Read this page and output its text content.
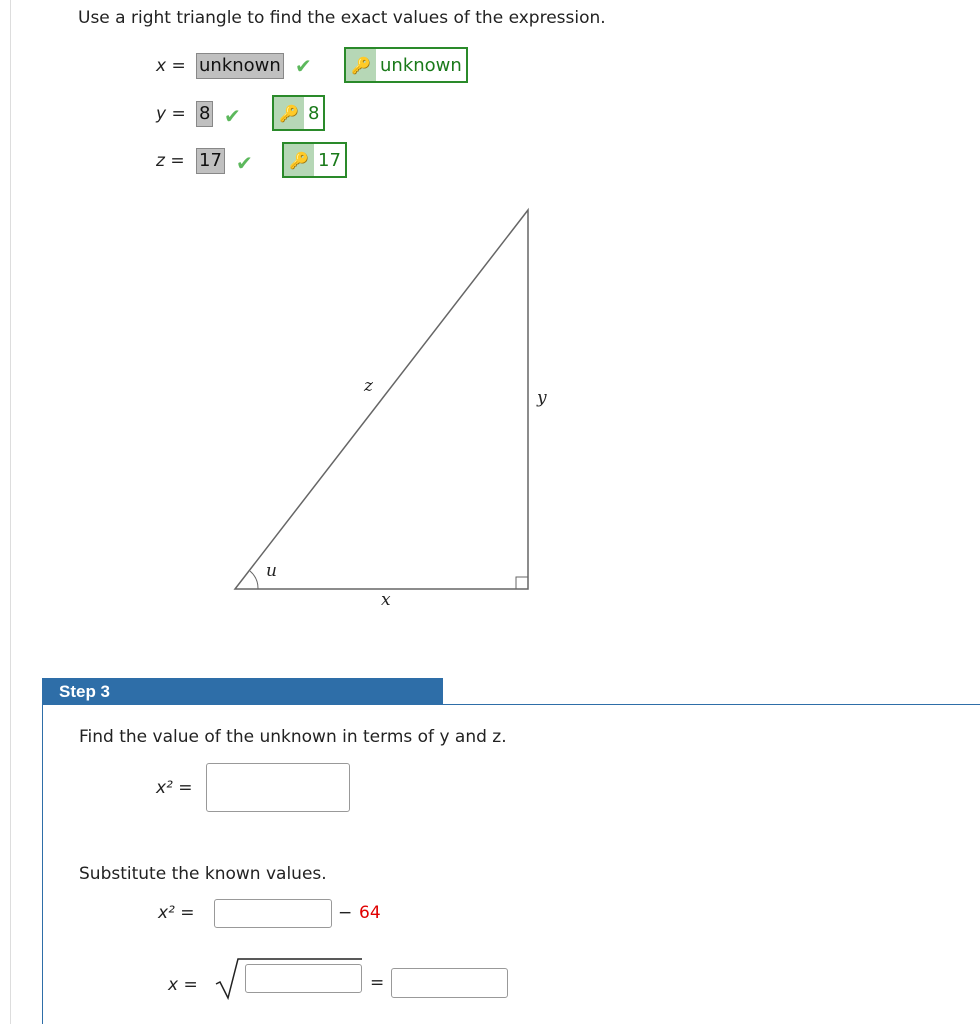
Use a right triangle to find the exact values of the expression.
x = unknown ✔	🔑 unknown
y = 8 ✔	🔑 8
z = 17 ✔	🔑 17
z
y
x
u
Step 3
Find the value of the unknown in terms of y and z.
x² =
Substitute the known values.
x² =	− 64
x =	=
